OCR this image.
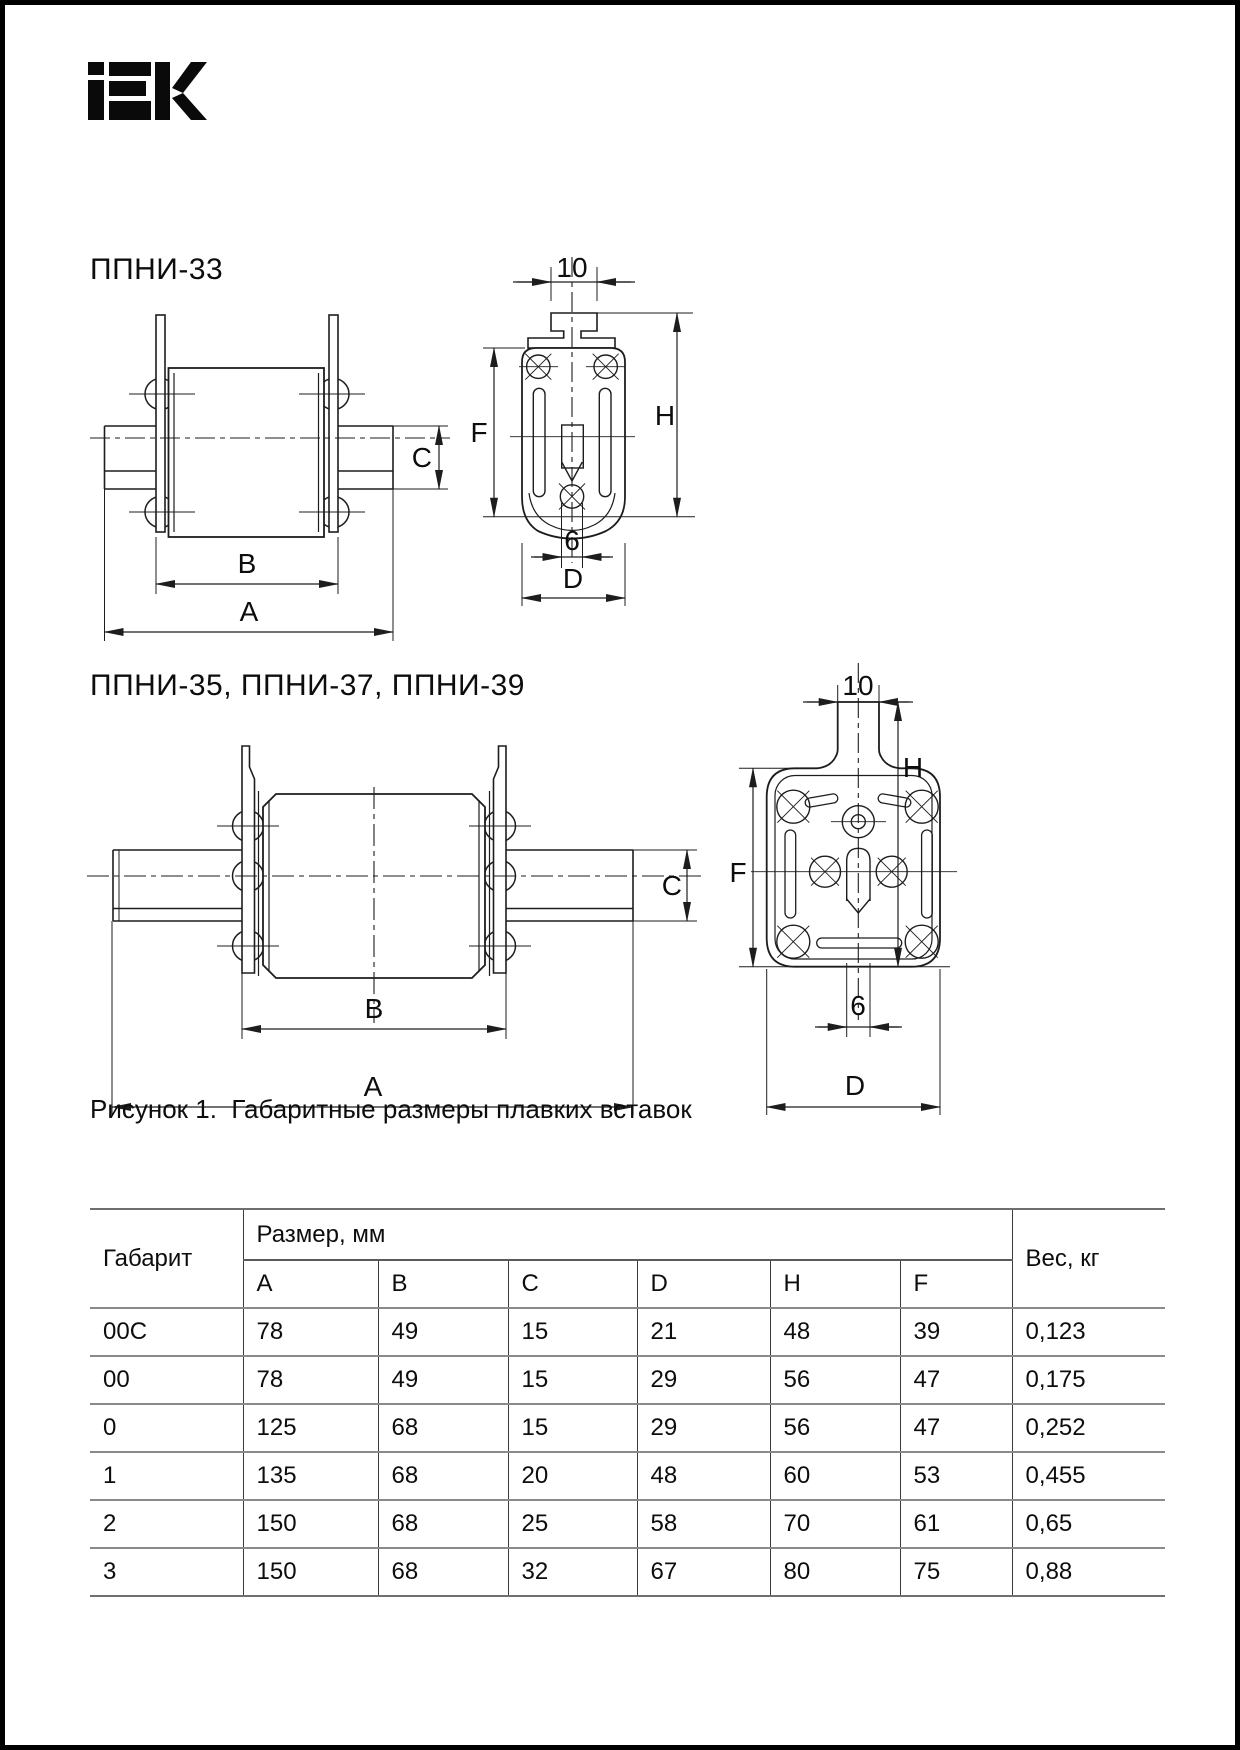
ППНИ-33
C
B
A
10
F
H
6
D
ППНИ-35, ППНИ-37, ППНИ-39
C
B
A
10
F
H
6
D
Рисунок 1.  Габаритные размеры плавких вставок
Габарит	Размер, мм						Вес, кг
	A	B	C	D	H	F	
00C	78	49	15	21	48	39	0,123
00	78	49	15	29	56	47	0,175
0	125	68	15	29	56	47	0,252
1	135	68	20	48	60	53	0,455
2	150	68	25	58	70	61	0,65
3	150	68	32	67	80	75	0,88
